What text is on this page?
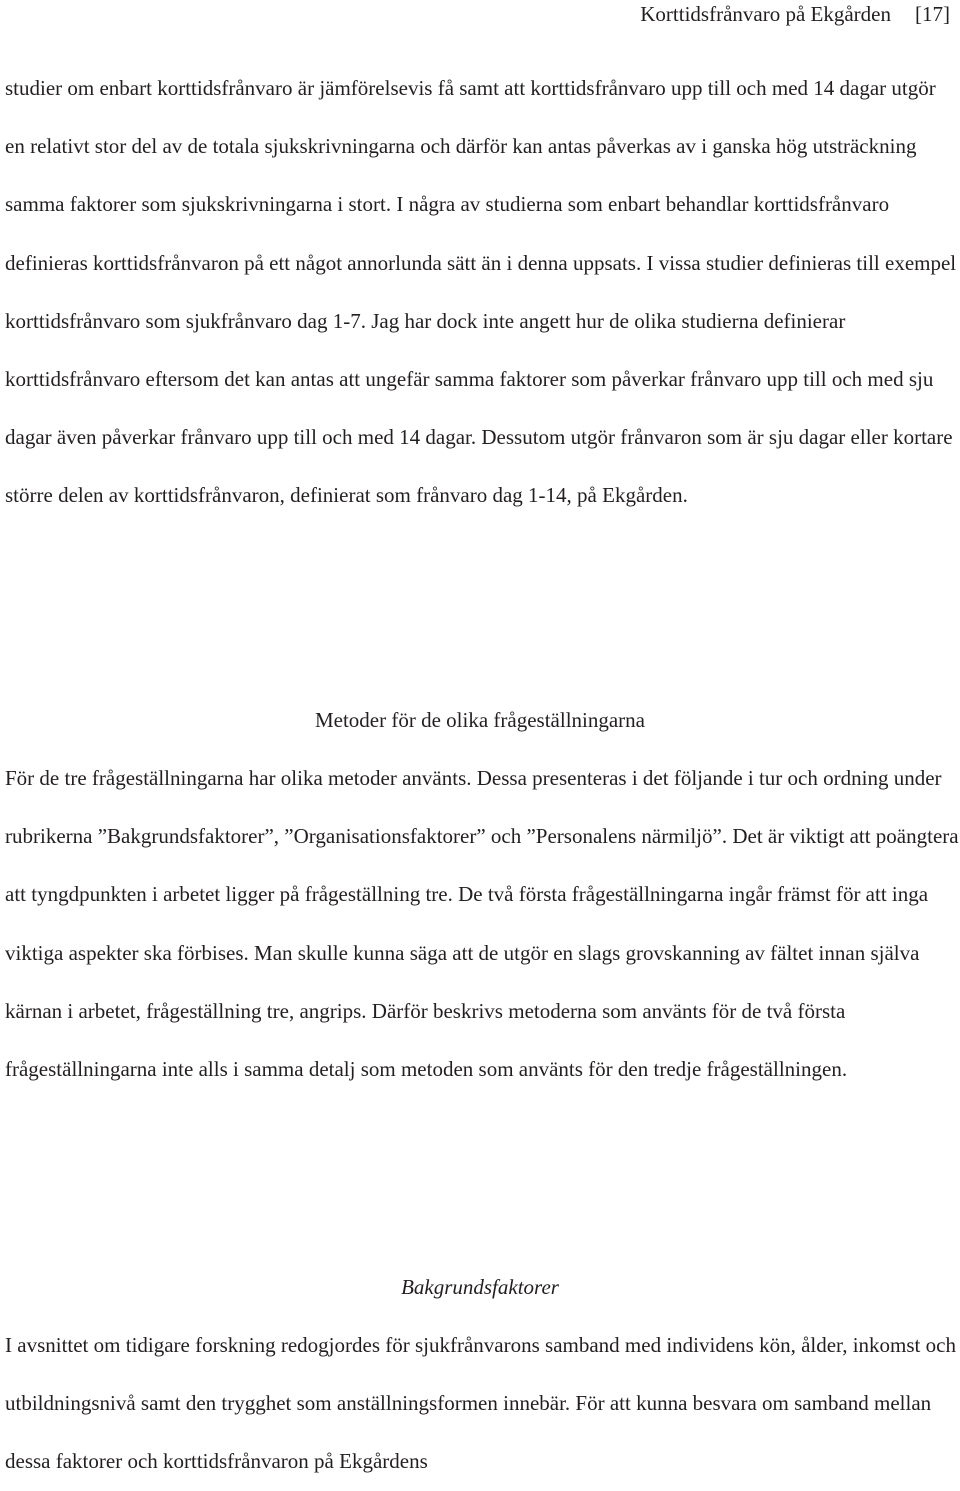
Korttidsfrånvaro på Ekgården [17]

studier om enbart korttidsfrånvaro är jämförelsevis få samt att korttidsfrånvaro upp till och med 14 dagar utgör en relativt stor del av de totala sjukskrivningarna och därför kan antas påverkas av i ganska hög utsträckning samma faktorer som sjukskrivningarna i stort. I några av studierna som enbart behandlar korttidsfrånvaro definieras korttidsfrånvaron på ett något annorlunda sätt än i denna uppsats. I vissa studier definieras till exempel korttidsfrånvaro som sjukfrånvaro dag 1-7. Jag har dock inte angett hur de olika studierna definierar korttidsfrånvaro eftersom det kan antas att ungefär samma faktorer som påverkar frånvaro upp till och med sju dagar även påverkar frånvaro upp till och med 14 dagar. Dessutom utgör frånvaron som är sju dagar eller kortare större delen av korttidsfrånvaron, definierat som frånvaro dag 1-14, på Ekgården.

Metoder för de olika frågeställningarna

För de tre frågeställningarna har olika metoder använts. Dessa presenteras i det följande i tur och ordning under rubrikerna ”Bakgrundsfaktorer”, ”Organisationsfaktorer” och ”Personalens närmiljö”. Det är viktigt att poängtera att tyngdpunkten i arbetet ligger på frågeställning tre. De två första frågeställningarna ingår främst för att inga viktiga aspekter ska förbises. Man skulle kunna säga att de utgör en slags grovskanning av fältet innan själva kärnan i arbetet, frågeställning tre, angrips. Därför beskrivs metoderna som använts för de två första frågeställningarna inte alls i samma detalj som metoden som använts för den tredje frågeställningen.

Bakgrundsfaktorer

I avsnittet om tidigare forskning redogjordes för sjukfrånvarons samband med individens kön, ålder, inkomst och utbildningsnivå samt den trygghet som anställningsformen innebär. För att kunna besvara om samband mellan dessa faktorer och korttidsfrånvaron på Ekgårdens
